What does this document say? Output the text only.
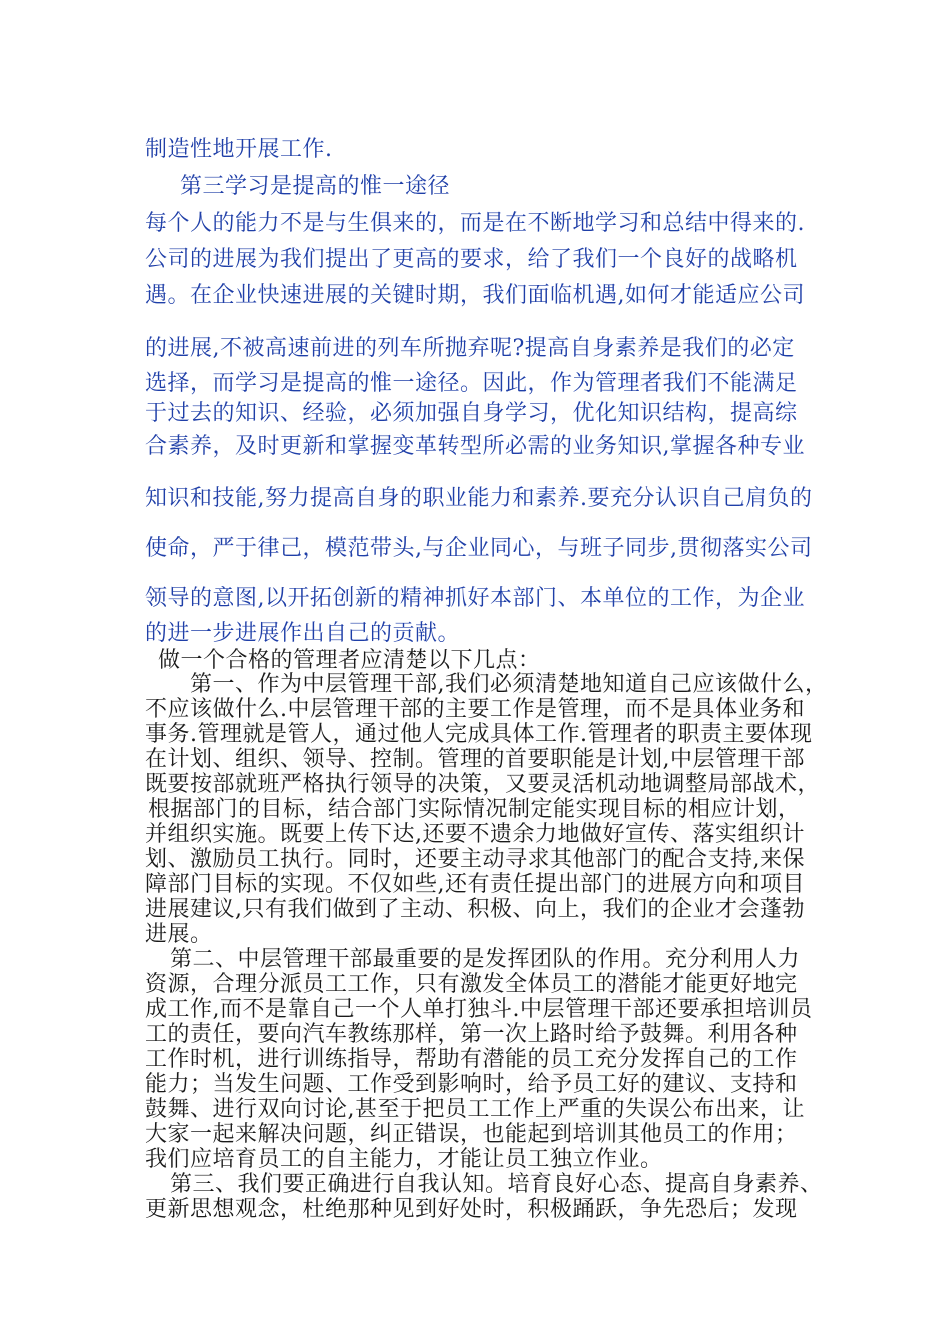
制造性地开展工作.
第三学习是提高的惟一途径
每个人的能力不是与生俱来的，而是在不断地学习和总结中得来的.
公司的进展为我们提出了更高的要求，给了我们一个良好的战略机
遇。在企业快速进展的关键时期，我们面临机遇,如何才能适应公司
的进展,不被高速前进的列车所抛弃呢?提高自身素养是我们的必定
选择，而学习是提高的惟一途径。因此，作为管理者我们不能满足
于过去的知识、经验，必须加强自身学习，优化知识结构，提高综
合素养，及时更新和掌握变革转型所必需的业务知识,掌握各种专业
知识和技能,努力提高自身的职业能力和素养.要充分认识自己肩负的
使命，严于律己，模范带头,与企业同心，与班子同步,贯彻落实公司
领导的意图,以开拓创新的精神抓好本部门、本单位的工作，为企业
的进一步进展作出自己的贡献。
做一个合格的管理者应清楚以下几点：
第一、作为中层管理干部,我们必须清楚地知道自己应该做什么，
不应该做什么.中层管理干部的主要工作是管理，而不是具体业务和
事务.管理就是管人，通过他人完成具体工作.管理者的职责主要体现
在计划、组织、领导、控制。管理的首要职能是计划,中层管理干部
既要按部就班严格执行领导的决策，又要灵活机动地调整局部战术，
根据部门的目标，结合部门实际情况制定能实现目标的相应计划，
并组织实施。既要上传下达,还要不遗余力地做好宣传、落实组织计
划、激励员工执行。同时，还要主动寻求其他部门的配合支持,来保
障部门目标的实现。不仅如些,还有责任提出部门的进展方向和项目
进展建议,只有我们做到了主动、积极、向上，我们的企业才会蓬勃
进展。
第二、中层管理干部最重要的是发挥团队的作用。充分利用人力
资源，合理分派员工工作，只有激发全体员工的潜能才能更好地完
成工作,而不是靠自己一个人单打独斗.中层管理干部还要承担培训员
工的责任，要向汽车教练那样，第一次上路时给予鼓舞。利用各种
工作时机，进行训练指导，帮助有潜能的员工充分发挥自己的工作
能力；当发生问题、工作受到影响时，给予员工好的建议、支持和
鼓舞、进行双向讨论,甚至于把员工工作上严重的失误公布出来，让
大家一起来解决问题，纠正错误，也能起到培训其他员工的作用；
我们应培育员工的自主能力，才能让员工独立作业。
第三、我们要正确进行自我认知。培育良好心态、提高自身素养、
更新思想观念，杜绝那种见到好处时，积极踊跃，争先恐后；发现
